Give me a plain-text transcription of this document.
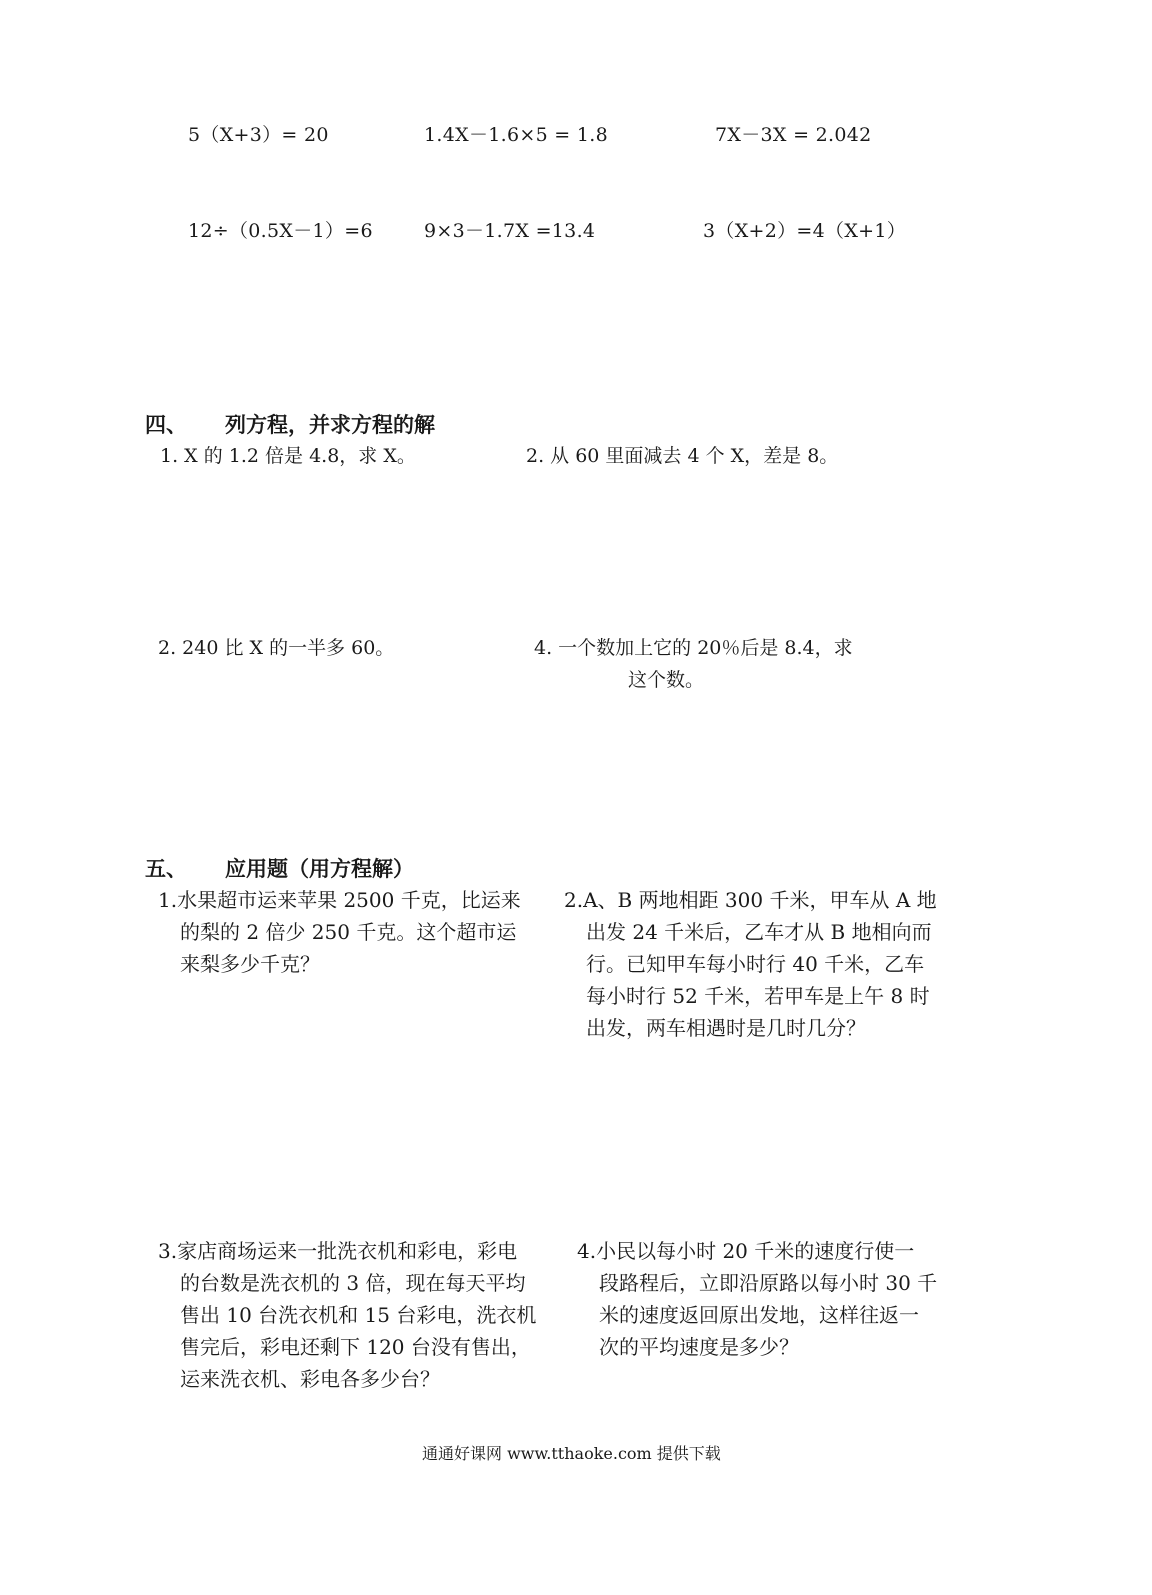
5（X+3）= 20	1.4X－1.6×5 = 1.8	7X－3X = 2.042
12÷（0.5X－1）=6	9×3－1.7X =13.4	3（X+2）=4（X+1）
四、 列方程，并求方程的解
1. X 的 1.2 倍是 4.8，求 X。	2. 从 60 里面减去 4 个 X，差是 8。
2. 240 比 X 的一半多 60。	4. 一个数加上它的 20％后是 8.4，求
这个数。
五、 应用题（用方程解）
1.水果超市运来苹果 2500 千克，比运来
的梨的 2 倍少 250 千克。这个超市运
来梨多少千克？
2.A、B 两地相距 300 千米，甲车从 A 地
出发 24 千米后，乙车才从 B 地相向而
行。已知甲车每小时行 40 千米，乙车
每小时行 52 千米，若甲车是上午 8 时
出发，两车相遇时是几时几分？
3.家店商场运来一批洗衣机和彩电，彩电
的台数是洗衣机的 3 倍，现在每天平均
售出 10 台洗衣机和 15 台彩电，洗衣机
售完后，彩电还剩下 120 台没有售出，
运来洗衣机、彩电各多少台？
4.小民以每小时 20 千米的速度行使一
段路程后，立即沿原路以每小时 30 千
米的速度返回原出发地，这样往返一
次的平均速度是多少？
通通好课网 www.tthaoke.com 提供下载
